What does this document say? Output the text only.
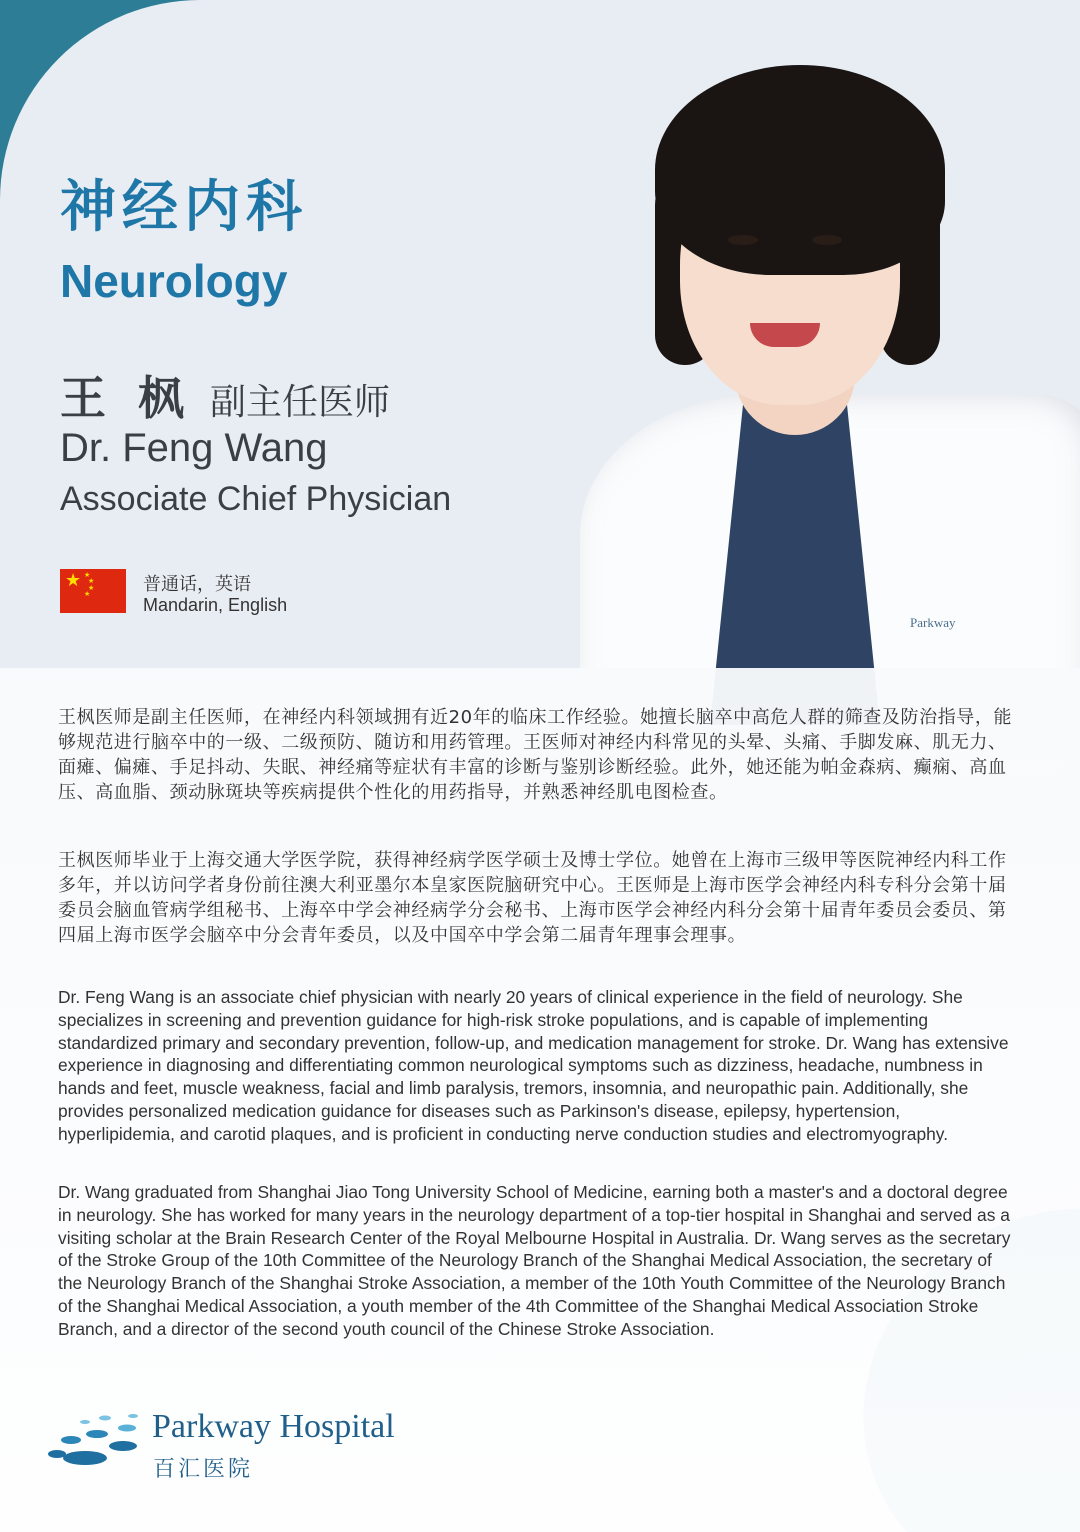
Parkway
神经内科
Neurology
王 枫 副主任医师
Dr. Feng Wang
Associate Chief Physician
★ ★
★
★
★	普通话，英语
Mandarin, English

王枫医师是副主任医师，在神经内科领域拥有近20年的临床工作经验。她擅长脑卒中高危人群的筛查及防治指导，能够规范进行脑卒中的一级、二级预防、随访和用药管理。王医师对神经内科常见的头晕、头痛、手脚发麻、肌无力、面瘫、偏瘫、手足抖动、失眠、神经痛等症状有丰富的诊断与鉴别诊断经验。此外，她还能为帕金森病、癫痫、高血压、高血脂、颈动脉斑块等疾病提供个性化的用药指导，并熟悉神经肌电图检查。

王枫医师毕业于上海交通大学医学院，获得神经病学医学硕士及博士学位。她曾在上海市三级甲等医院神经内科工作多年，并以访问学者身份前往澳大利亚墨尔本皇家医院脑研究中心。王医师是上海市医学会神经内科专科分会第十届委员会脑血管病学组秘书、上海卒中学会神经病学分会秘书、上海市医学会神经内科分会第十届青年委员会委员、第四届上海市医学会脑卒中分会青年委员，以及中国卒中学会第二届青年理事会理事。

Dr. Feng Wang is an associate chief physician with nearly 20 years of clinical experience in the field of neurology. She specializes in screening and prevention guidance for high-risk stroke populations, and is capable of implementing standardized primary and secondary prevention, follow-up, and medication management for stroke. Dr. Wang has extensive experience in diagnosing and differentiating common neurological symptoms such as dizziness, headache, numbness in hands and feet, muscle weakness, facial and limb paralysis, tremors, insomnia, and neuropathic pain. Additionally, she provides personalized medication guidance for diseases such as Parkinson's disease, epilepsy, hypertension, hyperlipidemia, and carotid plaques, and is proficient in conducting nerve conduction studies and electromyography.

Dr. Wang graduated from Shanghai Jiao Tong University School of Medicine, earning both a master's and a doctoral degree in neurology. She has worked for many years in the neurology department of a top-tier hospital in Shanghai and served as a visiting scholar at the Brain Research Center of the Royal Melbourne Hospital in Australia. Dr. Wang serves as the secretary of the Stroke Group of the 10th Committee of the Neurology Branch of the Shanghai Medical Association, the secretary of the Neurology Branch of the Shanghai Stroke Association, a member of the 10th Youth Committee of the Neurology Branch of the Shanghai Medical Association, a youth member of the 4th Committee of the Shanghai Medical Association Stroke Branch, and a director of the second youth council of the Chinese Stroke Association.

Parkway Hospital
百汇医院
